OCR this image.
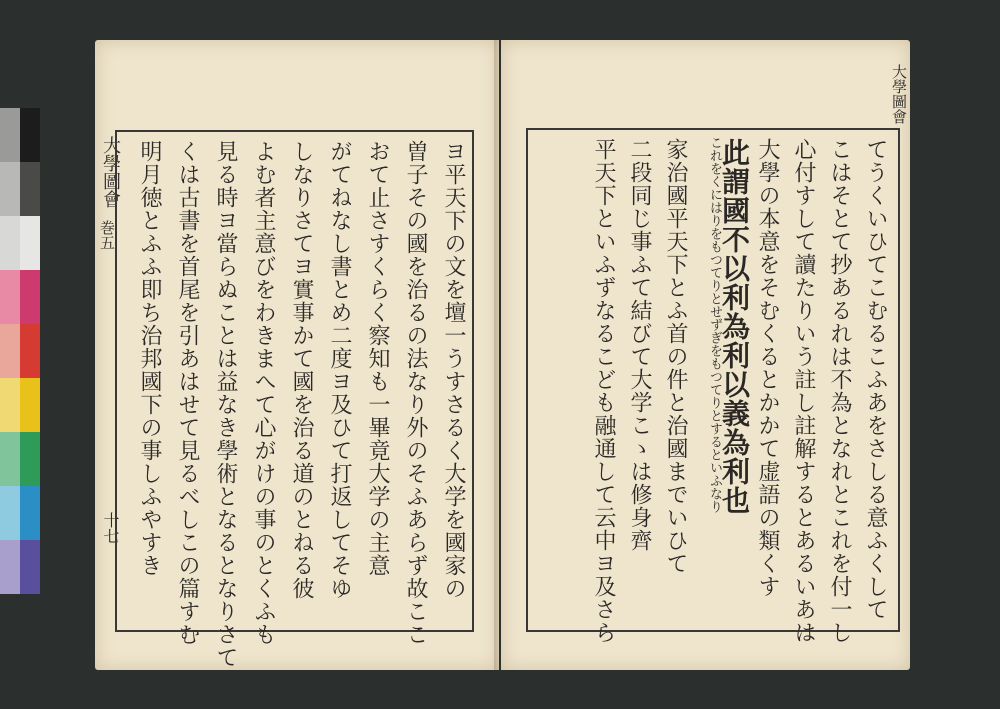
大學圖會
巻五
十七	ヨ平天下の文を壇一うすさるく大学を國家の
曽子その國を治るの法なり外のそふあらず故ここ
おて止さすくらく察知も一畢竟大学の主意
がてねなし書とめ二度ヨ及ひて打返してそゆ
しなりさてヨ實事かて國を治る道のとねる彼
よむ者主意びをわきまへて心がけの事のとくふも
見る時ヨ當らぬことは益なき學術となるとなりさて
くは古書を首尾を引あはせて見るべしこの篇すむ
明月徳とふふ即ち治邦國下の事しふやすき
大學圖會
てうくいひてこむるこふあをさしる意ふくして
こはそとて抄あるれは不為となれとこれを付一し
心付すして讀たりいう註し註解するとあるいあは
大學の本意をそむくるとかかて虚語の類くす
此謂國不以利為利以義為利也
これをくにはりをもつてりとせずぎをもつてりとするといふなり
家治國平天下とふ首の件と治國までいひて
二段同じ事ふて結びて大学こゝは修身齊
平天下といふずなるこども融通して云中ヨ及さら
